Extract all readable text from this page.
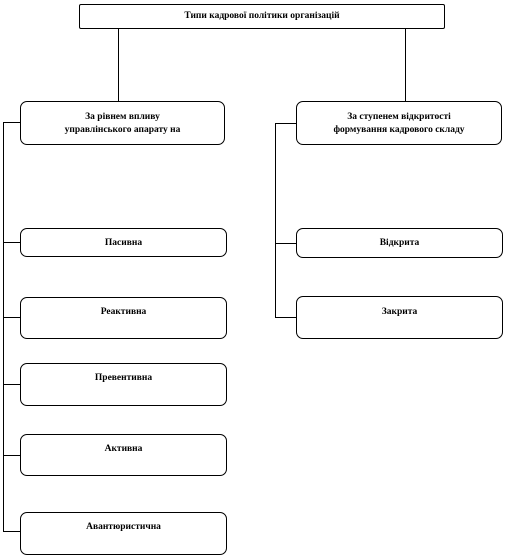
Типи кадрової політики організацій
За рівнем впливу
управлінського апарату на
За ступенем відкритості
формування кадрового складу
Пасивна
Реактивна
Превентивна
Активна
Авантюристична
Відкрита
Закрита
